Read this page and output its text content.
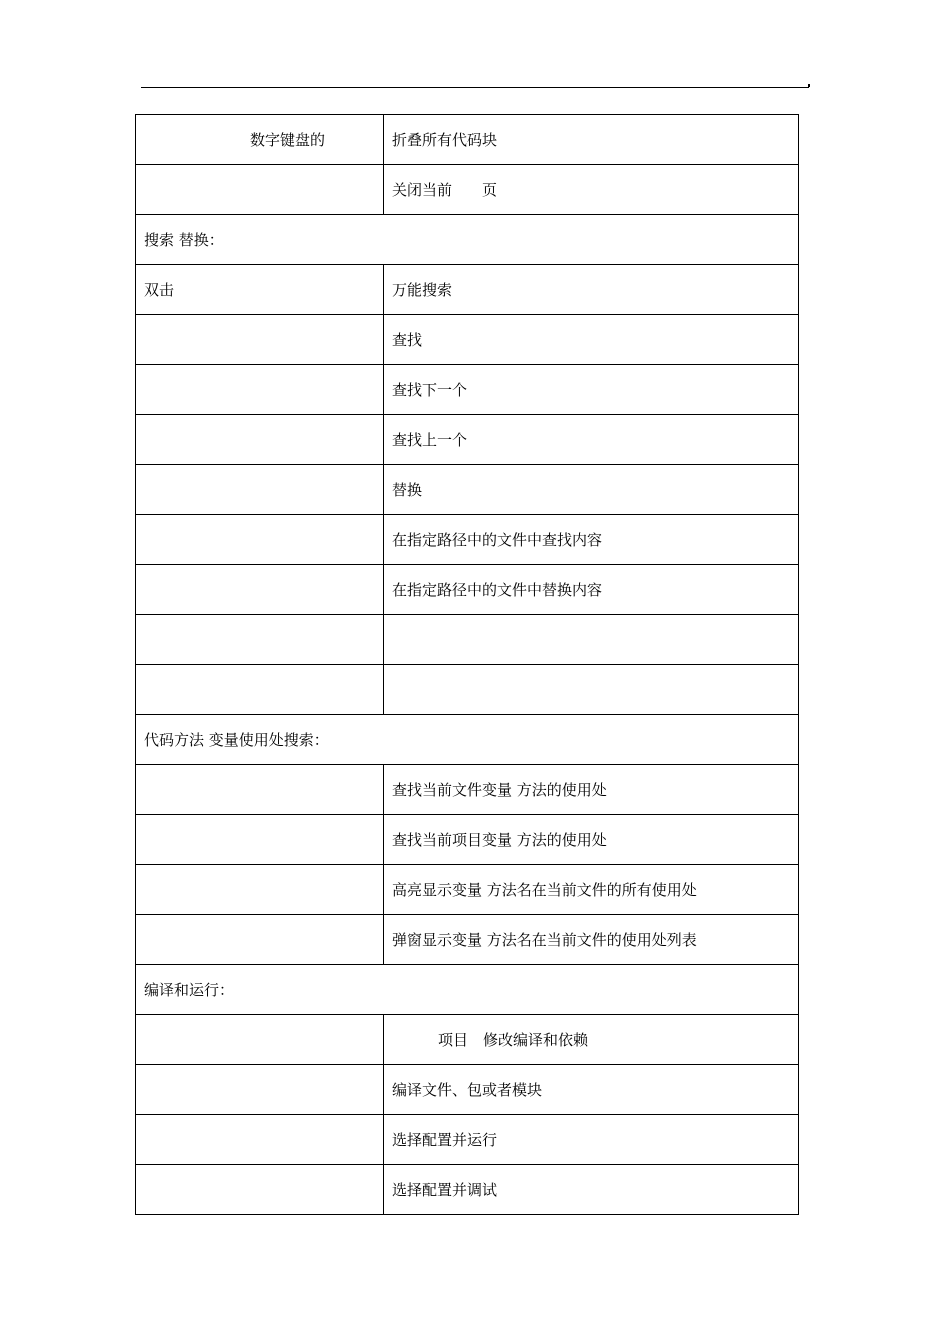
数字键盘的	折叠所有代码块
	关闭当前　　页
搜索 替换：	
双击	万能搜索
	查找
	查找下一个
	查找上一个
	替换
	在指定路径中的文件中查找内容
	在指定路径中的文件中替换内容

代码方法 变量使用处搜索：	
	查找当前文件变量 方法的使用处
	查找当前项目变量 方法的使用处
	高亮显示变量 方法名在当前文件的所有使用处
	弹窗显示变量 方法名在当前文件的使用处列表
编译和运行：	
	项目　修改编译和依赖
	编译文件、包或者模块
	选择配置并运行
	选择配置并调试
